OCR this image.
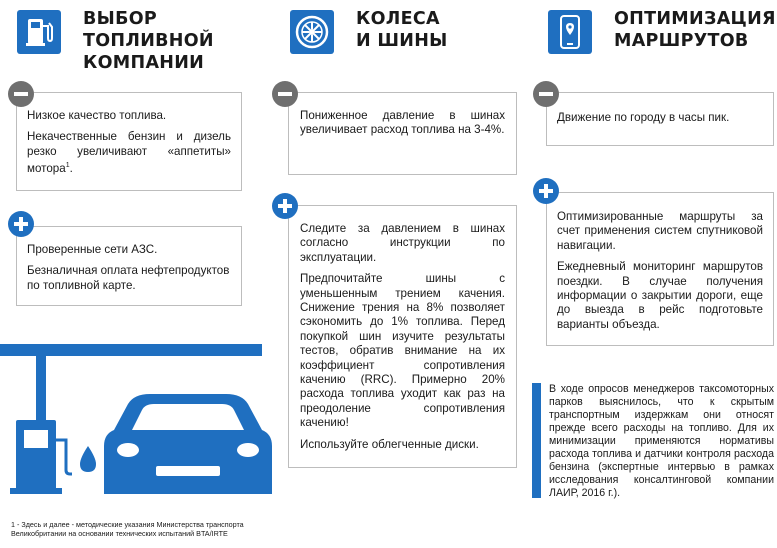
ВЫБОР
ТОПЛИВНОЙ
КОМПАНИИ

Низкое качество топлива.

Некачественные бензин и дизель резко увеличивают «аппетиты» мотора$^1$.

Проверенные сети АЗС.

Безналичная оплата нефтепродуктов по топливной карте.

1 - Здесь и далее - методические указания Министерства транспорта
Великобритании на основании технических испытаний BTA/IRTE
КОЛЕСА
И ШИНЫ

Пониженное давление в шинах увеличивает расход топлива на 3-4%.

Следите за давлением в шинах согласно инструкции по эксплуатации.

Предпочитайте шины с уменьшенным трением качения. Снижение трения на 8% позволяет сэкономить до 1% топлива. Перед покупкой шин изучите результаты тестов, обратив внимание на их коэффициент сопротивления качению (RRC). Примерно 20% расхода топлива уходит как раз на преодоление сопротивления качению!

Используйте облегченные диски.

ОПТИМИЗАЦИЯ
МАРШРУТОВ

Движение по городу в часы пик.

Оптимизированные маршруты за счет применения систем спутниковой навигации.

Ежедневный мониторинг маршрутов поездки. В случае получения информации о закрытии дороги, еще до выезда в рейс подготовьте варианты объезда.

В ходе опросов менеджеров таксомоторных парков выяснилось, что к скрытым транспортным издержкам они относят прежде всего расходы на топливо. Для их минимизации применяются нормативы расхода топлива и датчики контроля расхода бензина (экспертные интервью в рамках исследования консалтинговой компании ЛАИР, 2016 г.).
